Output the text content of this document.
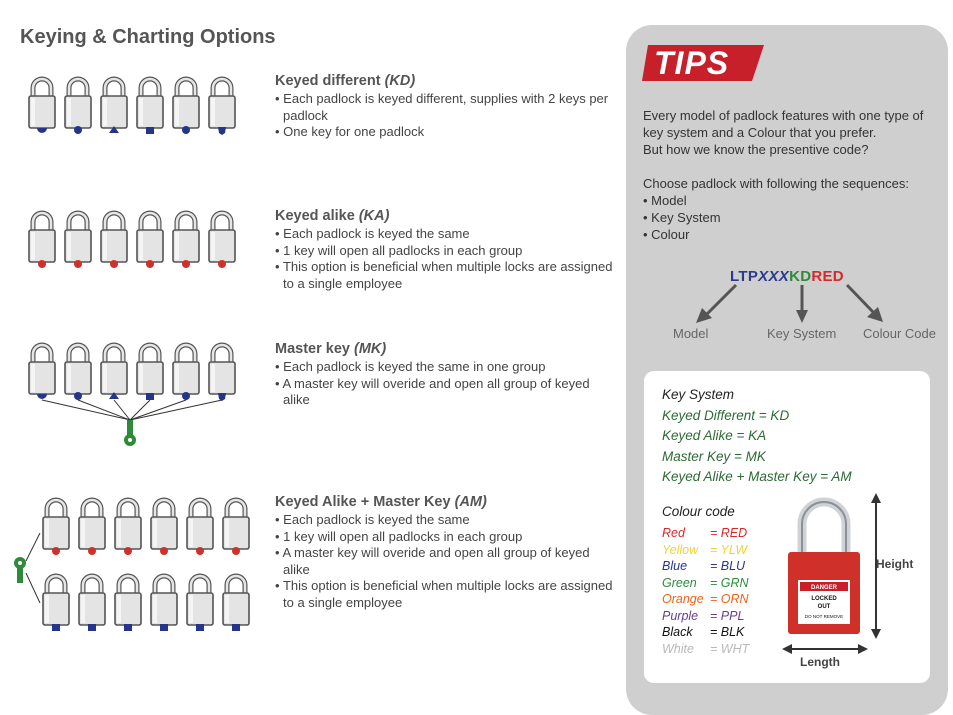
Keying & Charting Options
Keyed different (KD)
• Each padlock is keyed different, supplies with 2 keys per padlock
• One key for one padlock
Keyed alike (KA)
• Each padlock is keyed the same
• 1 key will open all padlocks in each group
• This option is beneficial when multiple locks are assigned to a single employee
Master key (MK)
• Each padlock is keyed the same in one group
• A master key will overide and open all group of keyed alike
Keyed Alike + Master Key (AM)
• Each padlock is keyed the same
• 1 key will open all padlocks in each group
• A master key will overide and open all group of keyed alike
• This option is beneficial when multiple locks are assigned to a single employee
TIPS

Every model of padlock features with one type of key system and a Colour that you prefer.

But how we know the presentive code?

Choose padlock with following the sequences:

• Model
• Key System
• Colour
LTPXXXKDRED
Model	Key System Colour Code
Key System
Keyed Different = KD
Keyed Alike = KA
Master Key = MK
Keyed Alike + Master Key = AM
Colour code
Red = RED
Yellow = YLW
Blue = BLU
Green = GRN
Orange = ORN
Purple = PPL
Black = BLK
White = WHT
DANGER
LOCKED
OUT
DO NOT REMOVE
Height
Length
